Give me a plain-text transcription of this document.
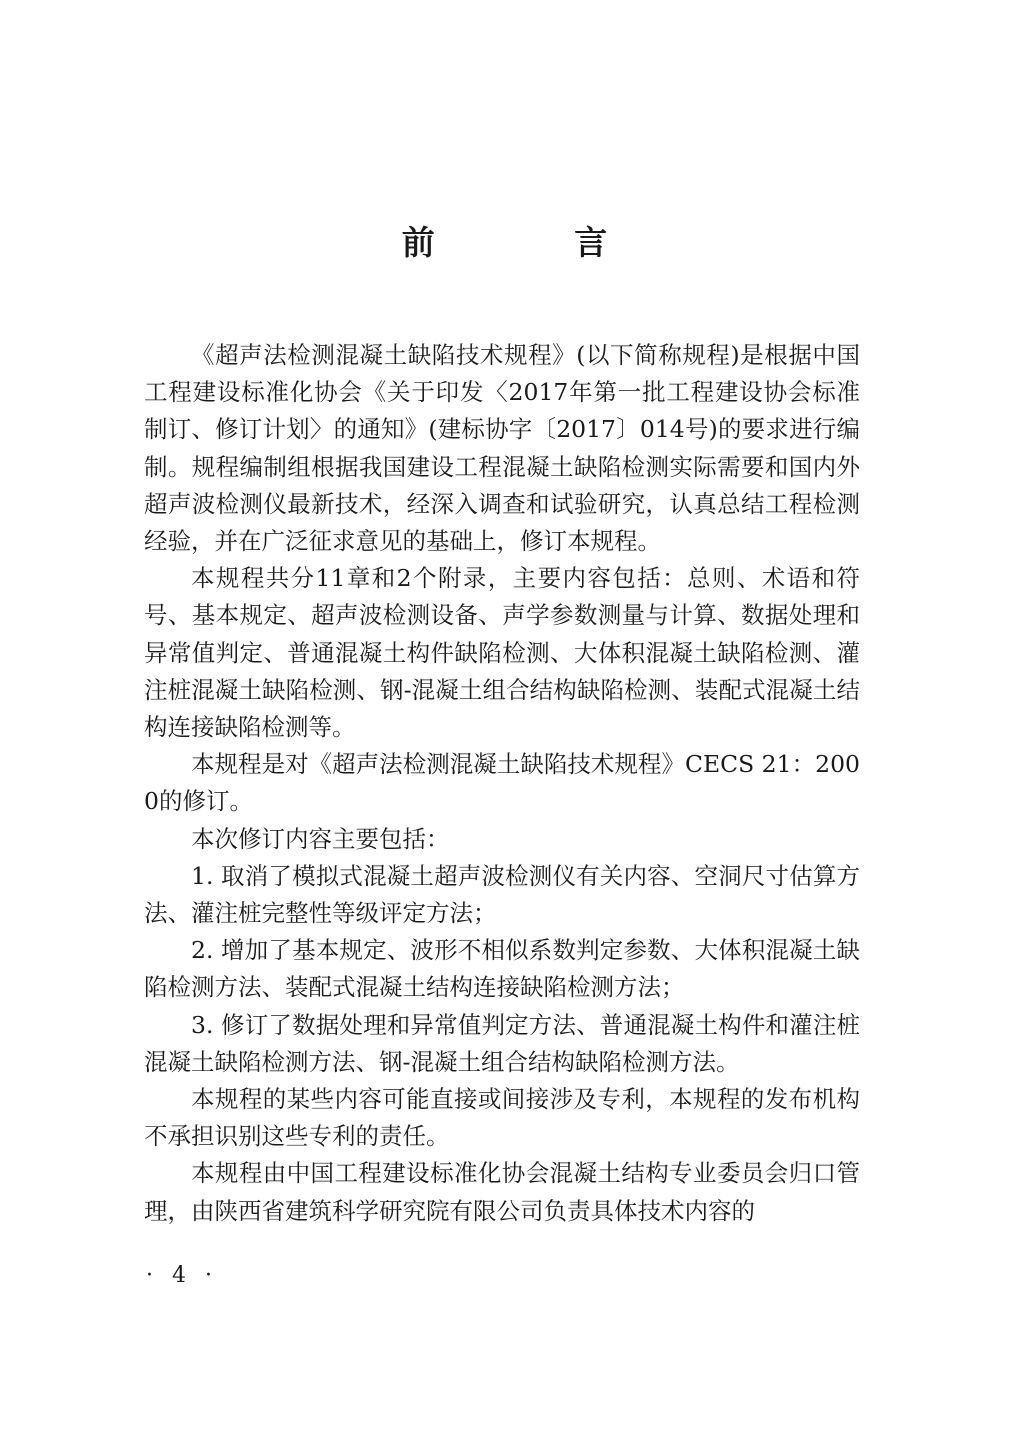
前 言

《超声法检测混凝土缺陷技术规程》(以下简称规程)是根据中国工程建设标准化协会《关于印发〈2017年第一批工程建设协会标准制订、修订计划〉的通知》(建标协字〔2017〕014号)的要求进行编制。规程编制组根据我国建设工程混凝土缺陷检测实际需要和国内外超声波检测仪最新技术，经深入调查和试验研究，认真总结工程检测经验，并在广泛征求意见的基础上，修订本规程。

本规程共分11章和2个附录，主要内容包括：总则、术语和符号、基本规定、超声波检测设备、声学参数测量与计算、数据处理和异常值判定、普通混凝土构件缺陷检测、大体积混凝土缺陷检测、灌注桩混凝土缺陷检测、钢-混凝土组合结构缺陷检测、装配式混凝土结构连接缺陷检测等。

本规程是对《超声法检测混凝土缺陷技术规程》CECS 21：2000的修订。

本次修订内容主要包括：

1. 取消了模拟式混凝土超声波检测仪有关内容、空洞尺寸估算方法、灌注桩完整性等级评定方法；

2. 增加了基本规定、波形不相似系数判定参数、大体积混凝土缺陷检测方法、装配式混凝土结构连接缺陷检测方法；

3. 修订了数据处理和异常值判定方法、普通混凝土构件和灌注桩混凝土缺陷检测方法、钢-混凝土组合结构缺陷检测方法。

本规程的某些内容可能直接或间接涉及专利，本规程的发布机构不承担识别这些专利的责任。

本规程由中国工程建设标准化协会混凝土结构专业委员会归口管理，由陕西省建筑科学研究院有限公司负责具体技术内容的

· 4 ·
